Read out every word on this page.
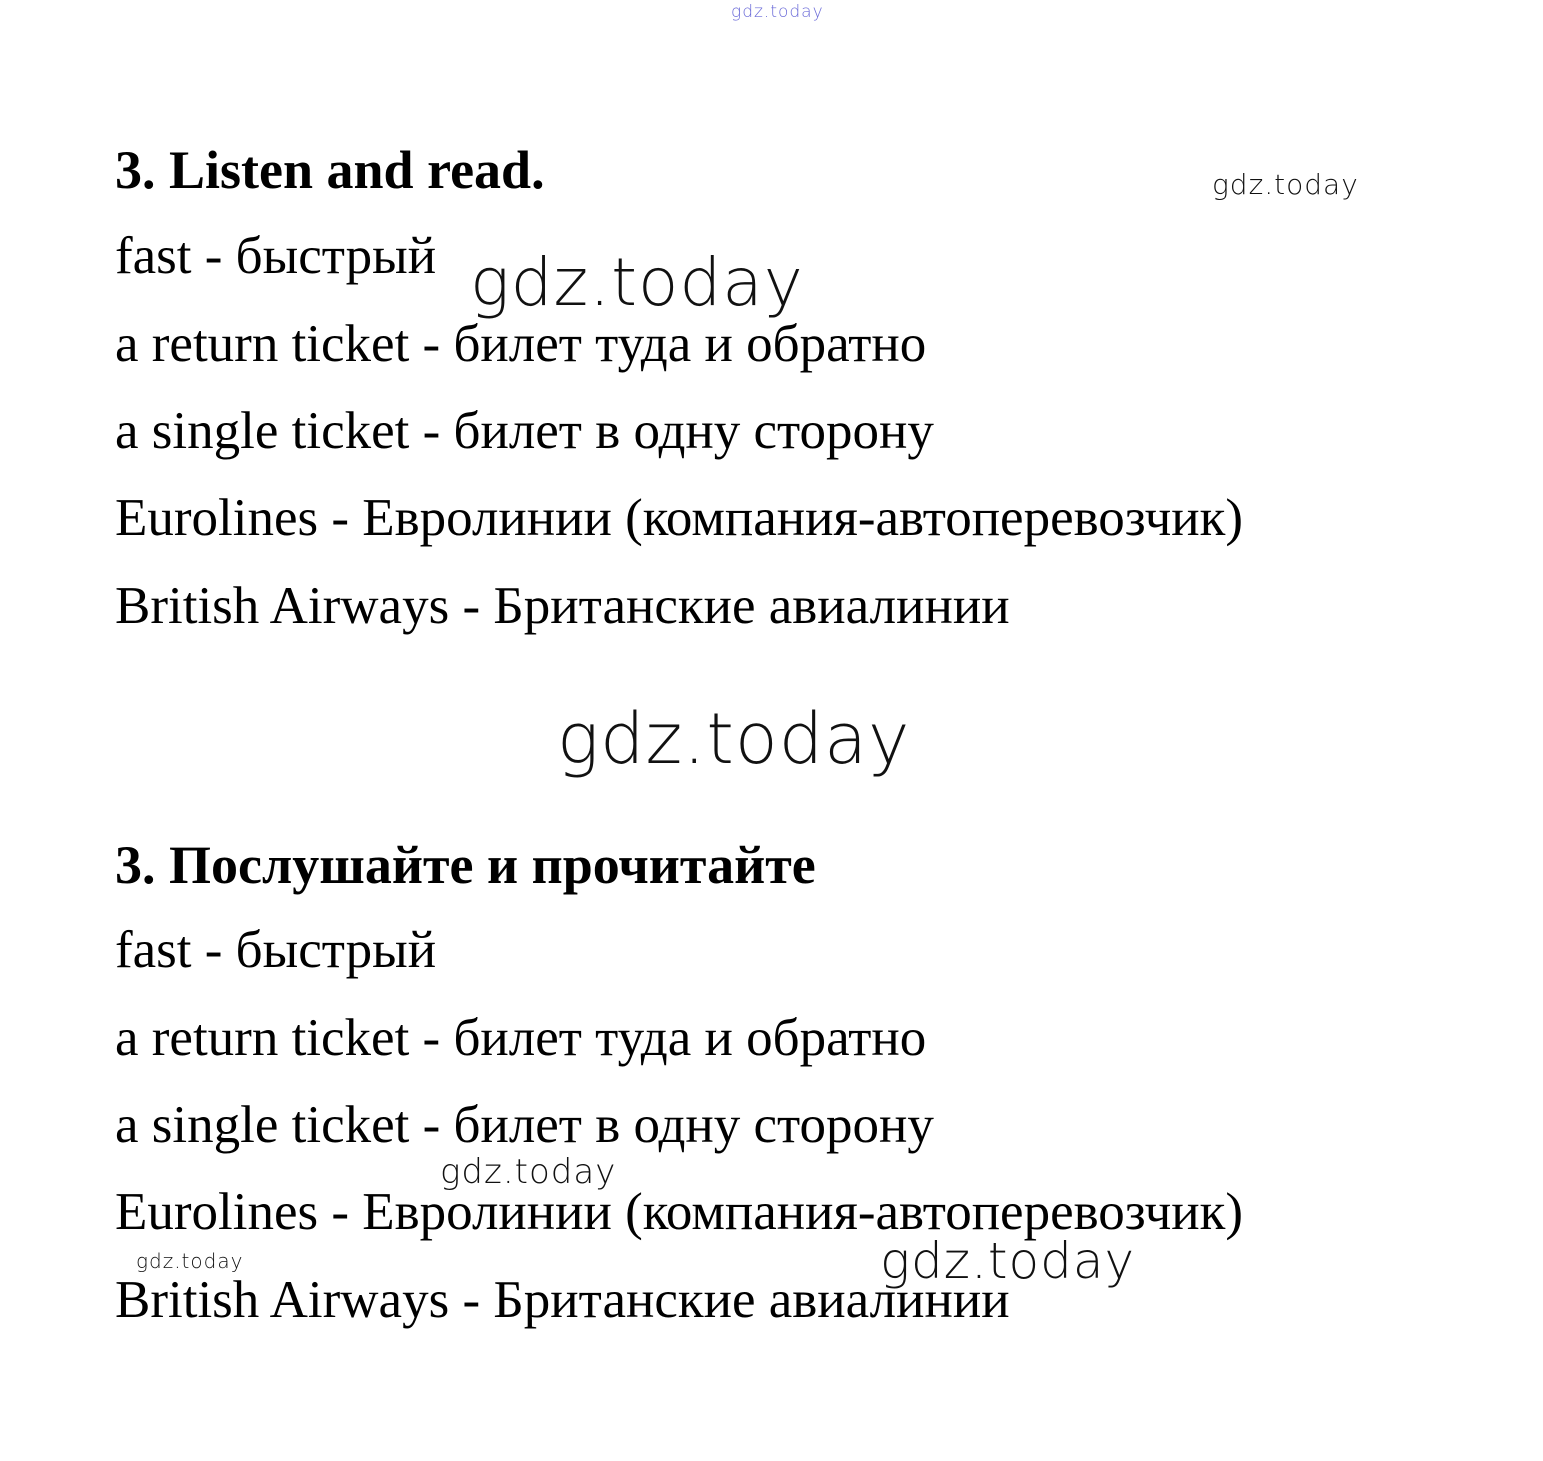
3. Listen and read.

fast - быстрый

a return ticket - билет туда и обратно

a single ticket - билет в одну сторону

Eurolines - Евролинии (компания-автоперевозчик)

British Airways - Британские авиалинии

3. Послушайте и прочитайте

fast - быстрый

a return ticket - билет туда и обратно

a single ticket - билет в одну сторону

Eurolines - Евролинии (компания-автоперевозчик)

British Airways - Британские авиалинии

gdz.today
gdz.today
gdz.today
gdz.today
gdz.today
gdz.today	gdz.today
